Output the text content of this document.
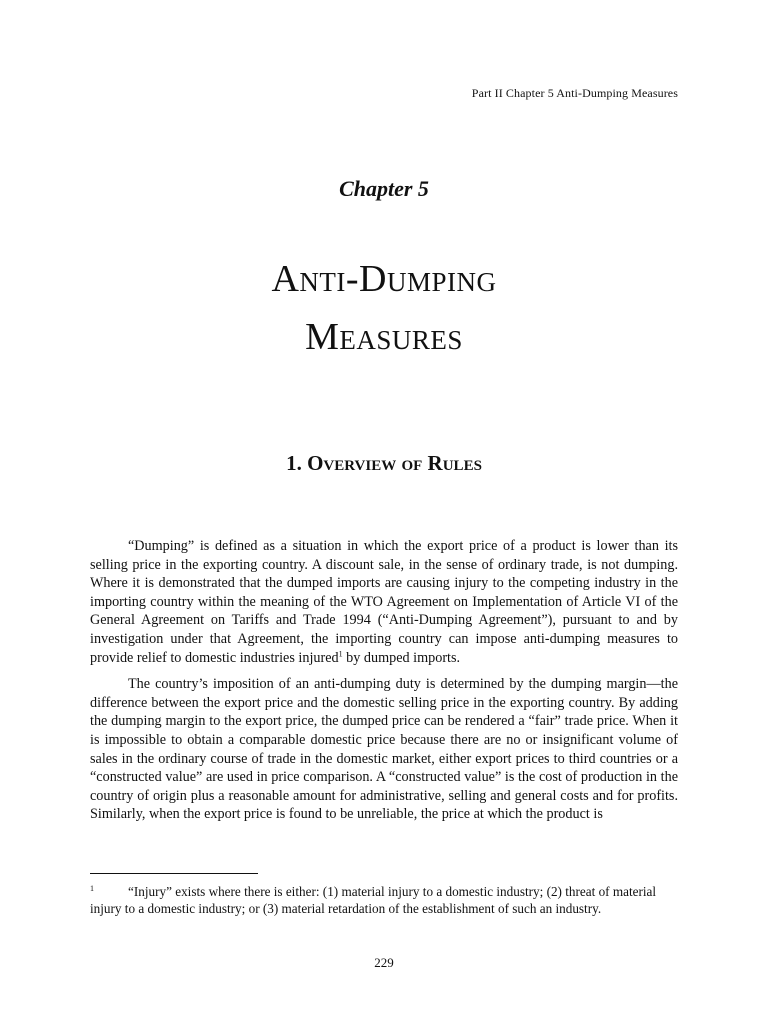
Part II Chapter 5 Anti-Dumping Measures
Chapter 5
Anti-Dumping
Measures
1. Overview of Rules

“Dumping” is defined as a situation in which the export price of a product is lower than its selling price in the exporting country. A discount sale, in the sense of ordinary trade, is not dumping. Where it is demonstrated that the dumped imports are causing injury to the competing industry in the importing country within the meaning of the WTO Agreement on Implementation of Article VI of the General Agreement on Tariffs and Trade 1994 (“Anti-Dumping Agreement”), pursuant to and by investigation under that Agreement, the importing country can impose anti-dumping measures to provide relief to domestic industries injured$^1$ by dumped imports.

The country’s imposition of an anti-dumping duty is determined by the dumping margin—the difference between the export price and the domestic selling price in the exporting country. By adding the dumping margin to the export price, the dumped price can be rendered a “fair” trade price. When it is impossible to obtain a comparable domestic price because there are no or insignificant volume of sales in the ordinary course of trade in the domestic market, either export prices to third countries or a “constructed value” are used in price comparison. A “constructed value” is the cost of production in the country of origin plus a reasonable amount for administrative, selling and general costs and for profits. Similarly, when the export price is found to be unreliable, the price at which the product is

1	“Injury” exists where there is either: (1) material injury to a domestic industry; (2) threat of material injury to a domestic industry; or (3) material retardation of the establishment of such an industry.
229
